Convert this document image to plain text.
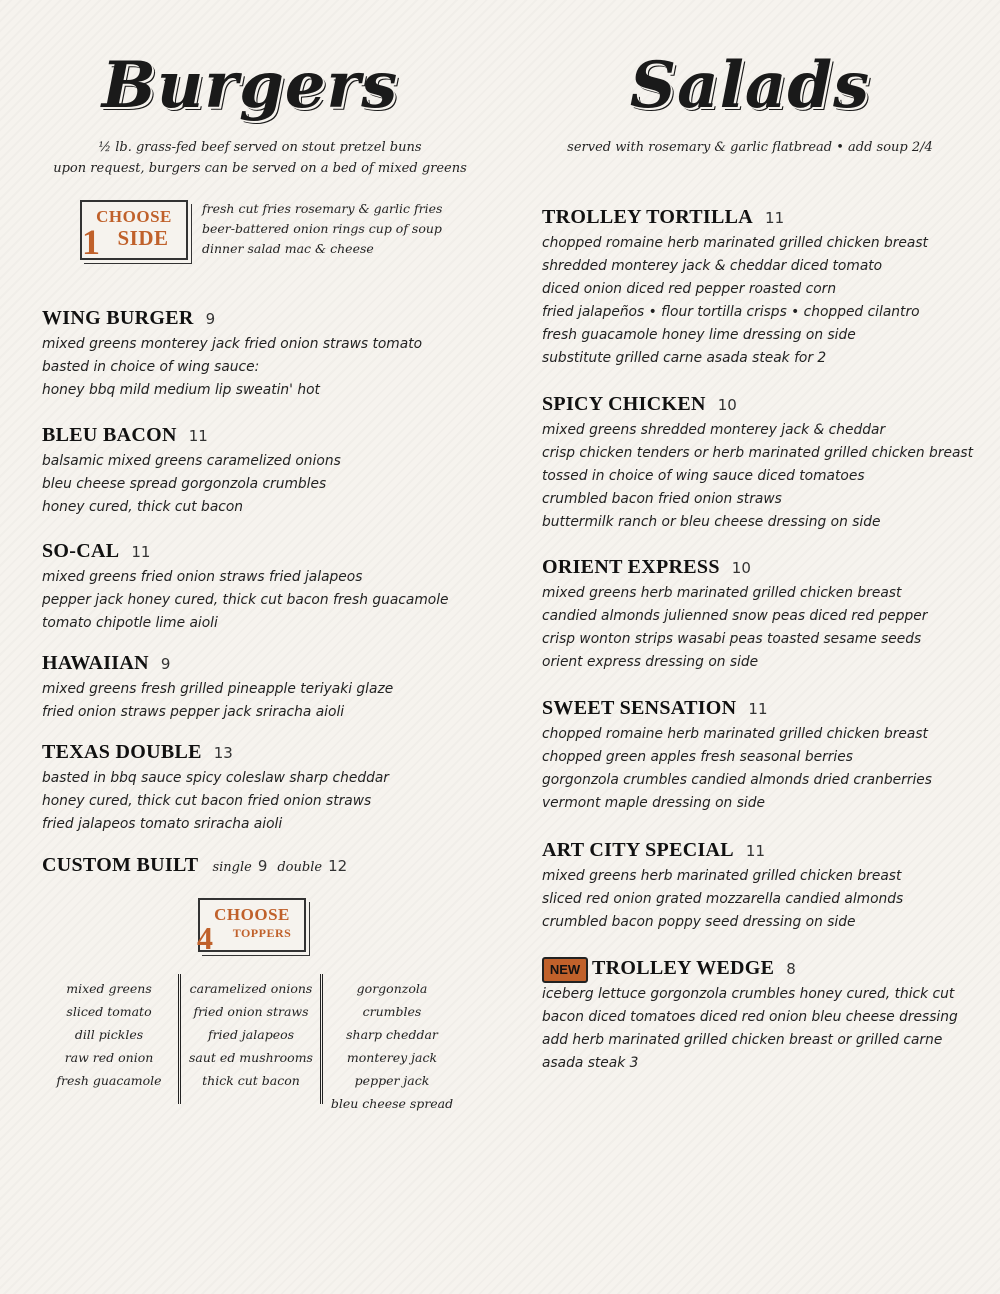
Burgers
½ lb. grass-fed beef served on stout pretzel buns
upon request, burgers can be served on a bed of mixed greens
CHOOSE
SIDE
1
fresh cut fries rosemary & garlic fries
beer-battered onion rings cup of soup
dinner salad mac & cheese
WING BURGER 9
mixed greens monterey jack fried onion straws tomato
basted in choice of wing sauce:
honey bbq mild medium lip sweatin' hot
BLEU BACON 11
balsamic mixed greens caramelized onions
bleu cheese spread gorgonzola crumbles
honey cured, thick cut bacon
SO-CAL 11
mixed greens fried onion straws fried jalapeos
pepper jack honey cured, thick cut bacon fresh guacamole
tomato chipotle lime aioli
HAWAIIAN 9
mixed greens fresh grilled pineapple teriyaki glaze
fried onion straws pepper jack sriracha aioli
TEXAS DOUBLE 13
basted in bbq sauce spicy coleslaw sharp cheddar
honey cured, thick cut bacon fried onion straws
fried jalapeos tomato sriracha aioli
CUSTOM BUILT single 9 double 12
CHOOSE
TOPPERS
4
mixed greens
sliced tomato
dill pickles
raw red onion
fresh guacamole
caramelized onions
fried onion straws
fried jalapeos
saut ed mushrooms
thick cut bacon
gorgonzola crumbles
sharp cheddar
monterey jack
pepper jack
bleu cheese spread
Salads
served with rosemary & garlic flatbread • add soup 2/4
TROLLEY TORTILLA 11
chopped romaine herb marinated grilled chicken breast
shredded monterey jack & cheddar diced tomato
diced onion diced red pepper roasted corn
fried jalapeños • flour tortilla crisps • chopped cilantro
fresh guacamole honey lime dressing on side
substitute grilled carne asada steak for 2
SPICY CHICKEN 10
mixed greens shredded monterey jack & cheddar
crisp chicken tenders or herb marinated grilled chicken breast
tossed in choice of wing sauce diced tomatoes
crumbled bacon fried onion straws
buttermilk ranch or bleu cheese dressing on side
ORIENT EXPRESS 10
mixed greens herb marinated grilled chicken breast
candied almonds julienned snow peas diced red pepper
crisp wonton strips wasabi peas toasted sesame seeds
orient express dressing on side
SWEET SENSATION 11
chopped romaine herb marinated grilled chicken breast
chopped green apples fresh seasonal berries
gorgonzola crumbles candied almonds dried cranberries
vermont maple dressing on side
ART CITY SPECIAL 11
mixed greens herb marinated grilled chicken breast
sliced red onion grated mozzarella candied almonds
crumbled bacon poppy seed dressing on side
NEW TROLLEY WEDGE 8
iceberg lettuce gorgonzola crumbles honey cured, thick cut
bacon diced tomatoes diced red onion bleu cheese dressing
add herb marinated grilled chicken breast or grilled carne
asada steak 3
